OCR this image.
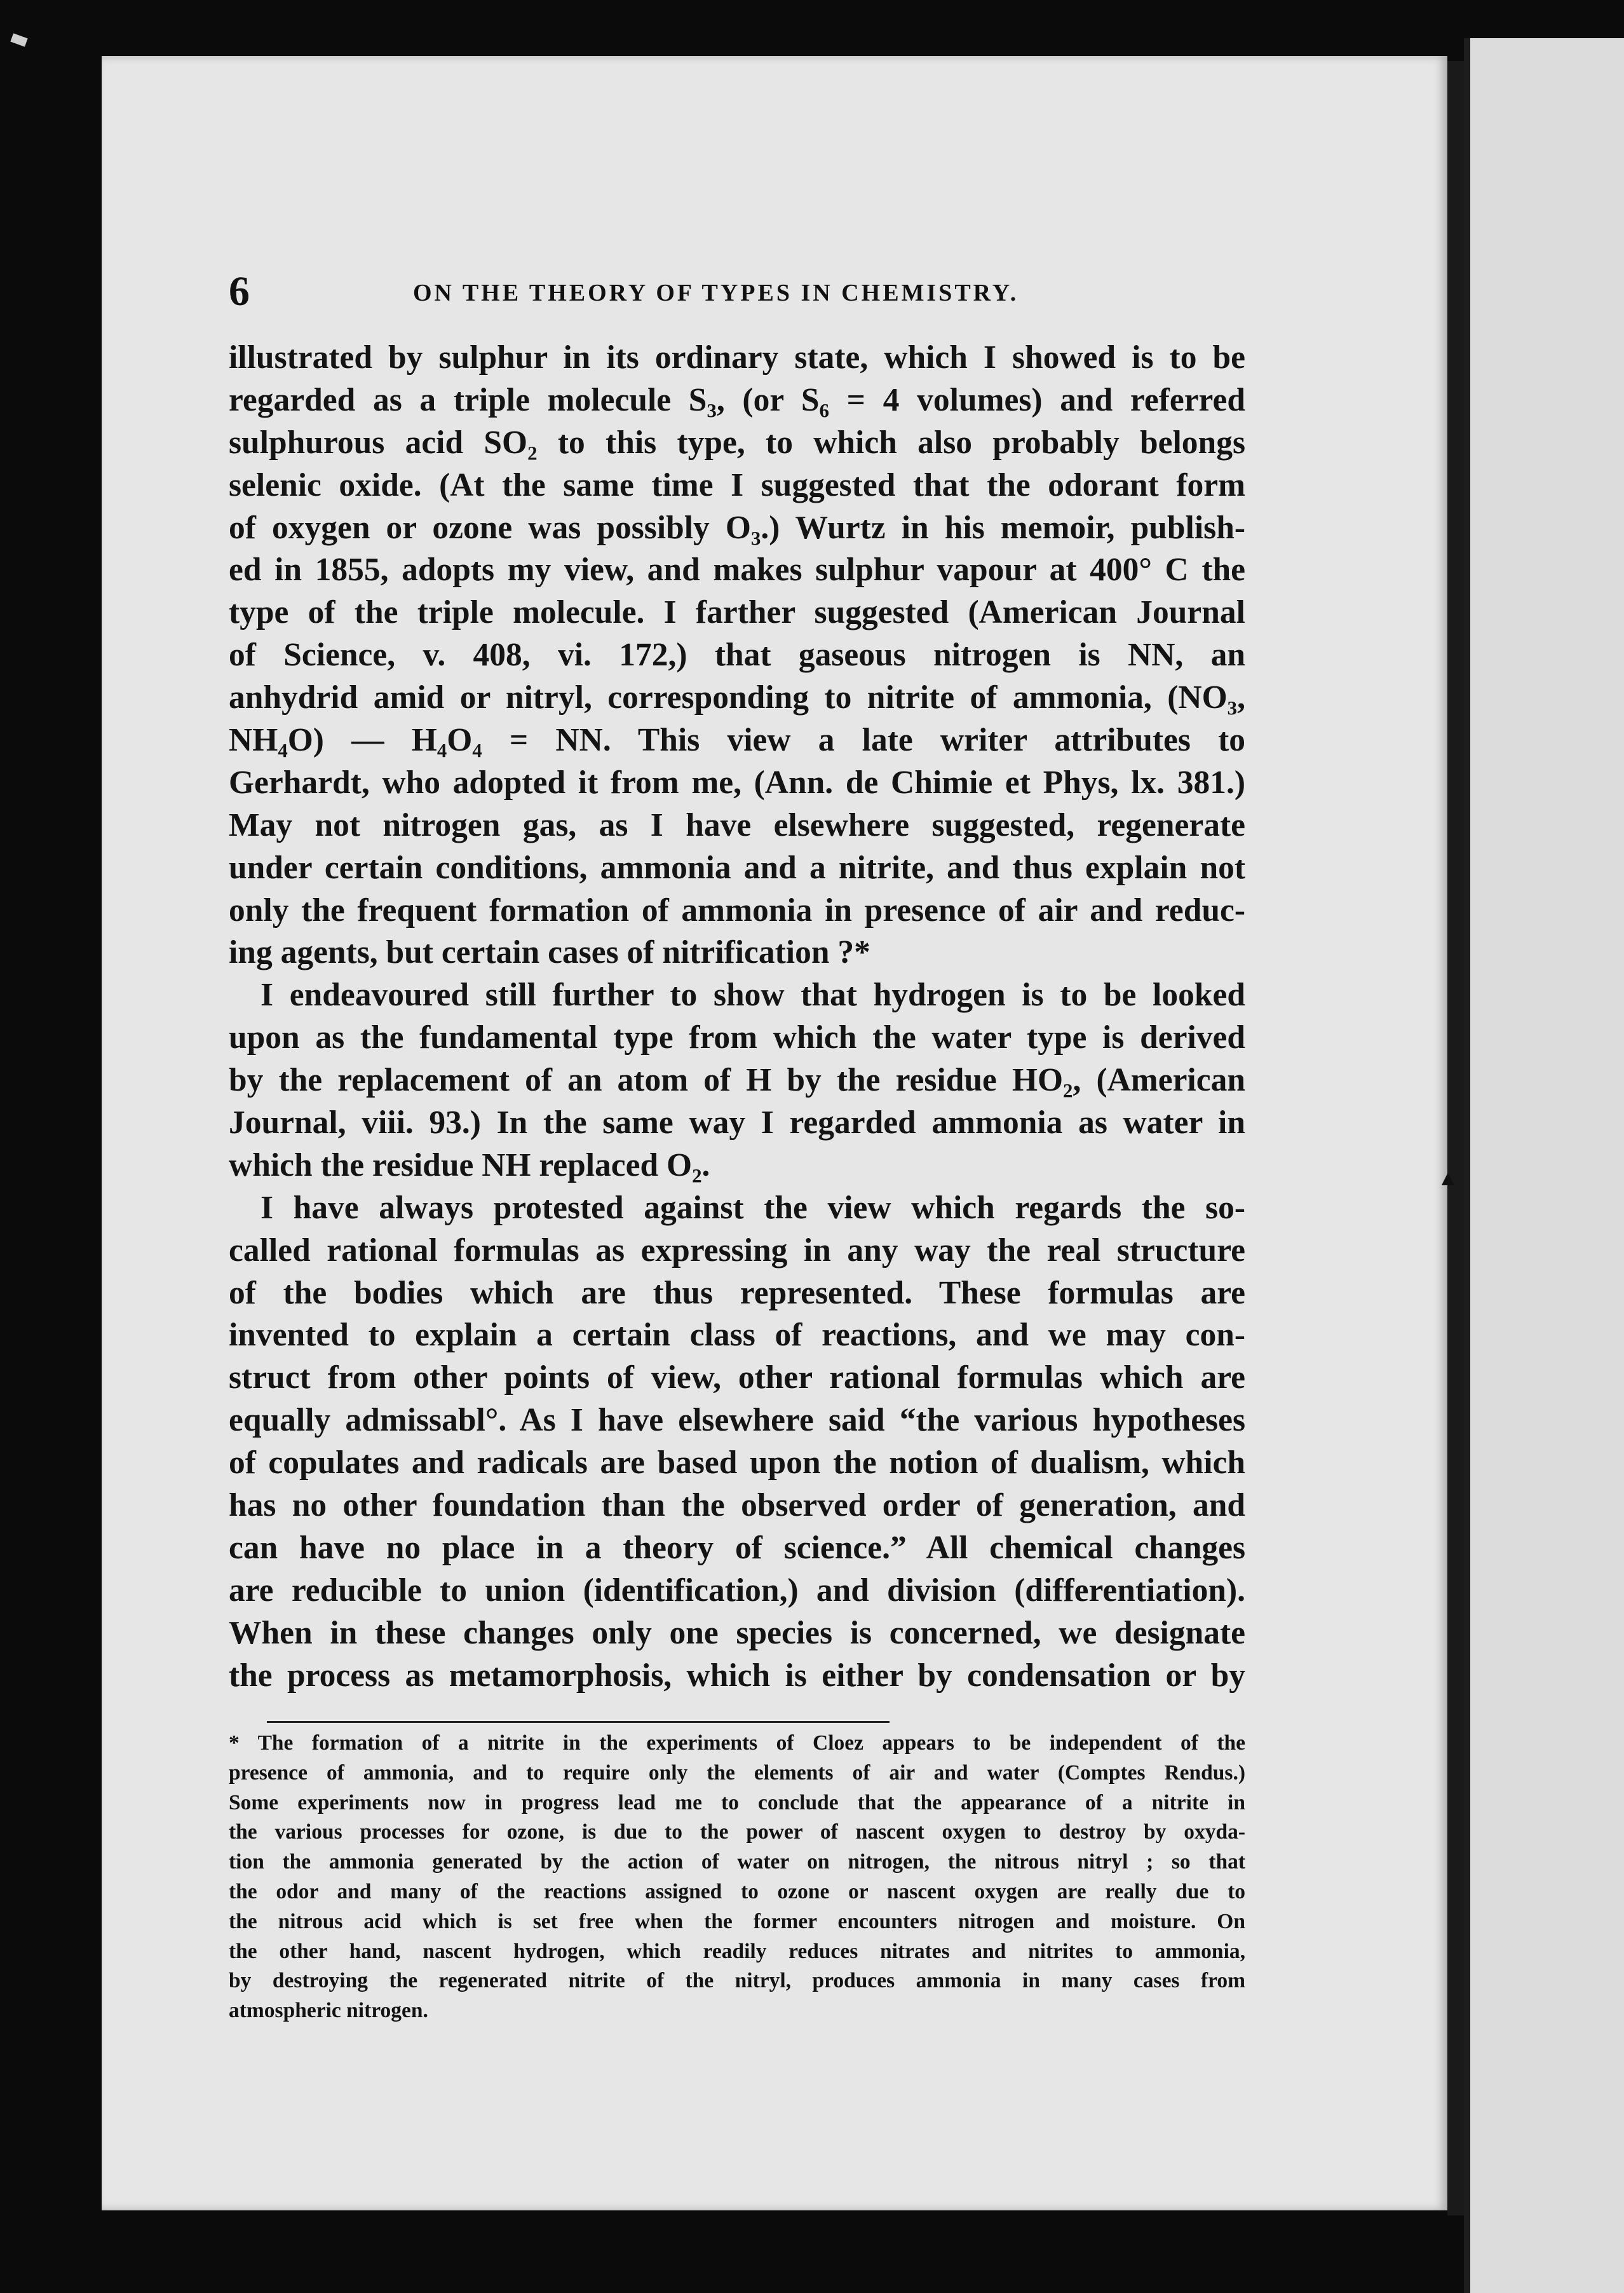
6	ON THE THEORY OF TYPES IN CHEMISTRY.
illustrated by sulphur in its ordinary state, which I showed is to be
regarded as a triple molecule S₃, (or S₆ = 4 volumes) and referred
sulphurous acid SO₂ to this type, to which also probably belongs
selenic oxide. (At the same time I suggested that the odorant form
of oxygen or ozone was possibly O₃.) Wurtz in his memoir, publish-
ed in 1855, adopts my view, and makes sulphur vapour at 400° C the
type of the triple molecule. I farther suggested (American Journal
of Science, v. 408, vi. 172,) that gaseous nitrogen is NN, an
anhydrid amid or nitryl, corresponding to nitrite of ammonia, (NO₃,
NH₄O) — H₄O₄ = NN. This view a late writer attributes to
Gerhardt, who adopted it from me, (Ann. de Chimie et Phys, lx. 381.)
May not nitrogen gas, as I have elsewhere suggested, regenerate
under certain conditions, ammonia and a nitrite, and thus explain not
only the frequent formation of ammonia in presence of air and reduc-
ing agents, but certain cases of nitrification ?*
I endeavoured still further to show that hydrogen is to be looked
upon as the fundamental type from which the water type is derived
by the replacement of an atom of H by the residue HO₂, (American
Journal, viii. 93.) In the same way I regarded ammonia as water in
which the residue NH replaced O₂.
I have always protested against the view which regards the so-
called rational formulas as expressing in any way the real structure
of the bodies which are thus represented. These formulas are
invented to explain a certain class of reactions, and we may con-
struct from other points of view, other rational formulas which are
equally admissabl°. As I have elsewhere said “the various hypotheses
of copulates and radicals are based upon the notion of dualism, which
has no other foundation than the observed order of generation, and
can have no place in a theory of science.” All chemical changes
are reducible to union (identification,) and division (differentiation).
When in these changes only one species is concerned, we designate
the process as metamorphosis, which is either by condensation or by
* The formation of a nitrite in the experiments of Cloez appears to be independent of the
presence of ammonia, and to require only the elements of air and water (Comptes Rendus.)
Some experiments now in progress lead me to conclude that the appearance of a nitrite in
the various processes for ozone, is due to the power of nascent oxygen to destroy by oxyda-
tion the ammonia generated by the action of water on nitrogen, the nitrous nitryl ; so that
the odor and many of the reactions assigned to ozone or nascent oxygen are really due to
the nitrous acid which is set free when the former encounters nitrogen and moisture. On
the other hand, nascent hydrogen, which readily reduces nitrates and nitrites to ammonia,
by destroying the regenerated nitrite of the nitryl, produces ammonia in many cases from
atmospheric nitrogen.
▲
